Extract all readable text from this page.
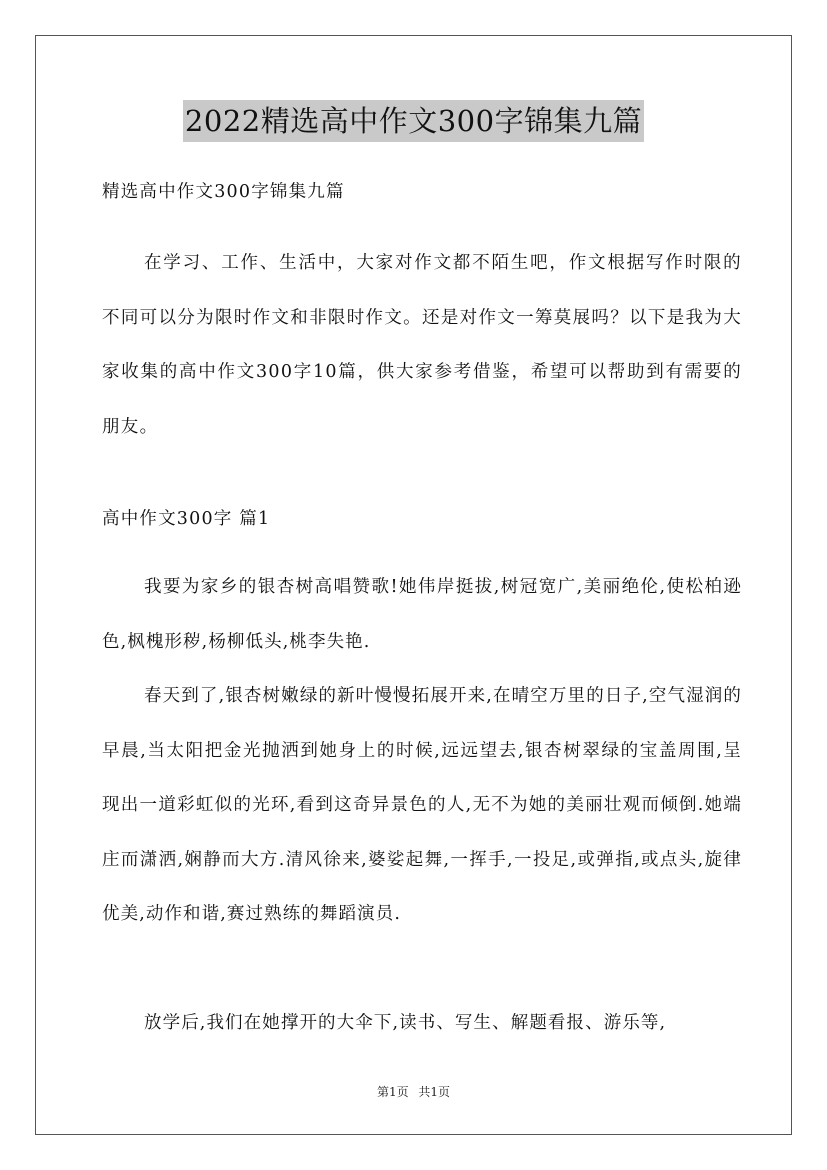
2022精选高中作文300字锦集九篇
精选高中作文300字锦集九篇
在学习、工作、生活中，大家对作文都不陌生吧，作文根据写作时限的不同可以分为限时作文和非限时作文。还是对作文一筹莫展吗？以下是我为大家收集的高中作文300字10篇，供大家参考借鉴，希望可以帮助到有需要的朋友。
高中作文300字 篇1
我要为家乡的银杏树高唱赞歌!她伟岸挺拔,树冠宽广,美丽绝伦,使松柏逊色,枫槐形秽,杨柳低头,桃李失艳.
春天到了,银杏树嫩绿的新叶慢慢拓展开来,在晴空万里的日子,空气湿润的早晨,当太阳把金光抛洒到她身上的时候,远远望去,银杏树翠绿的宝盖周围,呈现出一道彩虹似的光环,看到这奇异景色的人,无不为她的美丽壮观而倾倒.她端庄而潇洒,娴静而大方.清风徐来,婆娑起舞,一挥手,一投足,或弹指,或点头,旋律优美,动作和谐,赛过熟练的舞蹈演员.
放学后,我们在她撑开的大伞下,读书、写生、解题看报、游乐等,
第1页 共1页
